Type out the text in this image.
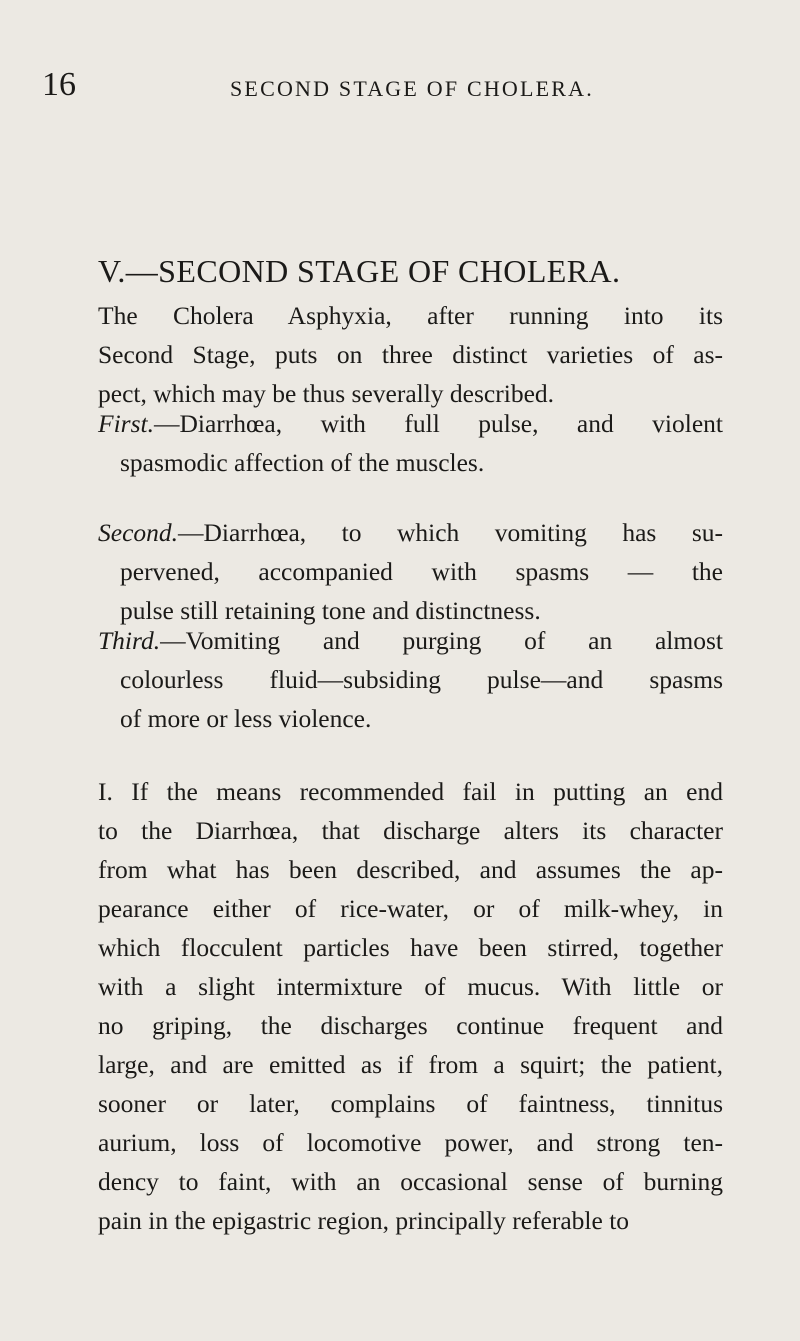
16	SECOND STAGE OF CHOLERA.
V.—SECOND STAGE OF CHOLERA.

The Cholera Asphyxia, after running into its
Second Stage, puts on three distinct varieties of as-
pect, which may be thus severally described.

First.—Diarrhœa, with full pulse, and violent
spasmodic affection of the muscles.

Second.—Diarrhœa, to which vomiting has su-
pervened, accompanied with spasms — the
pulse still retaining tone and distinctness.

Third.—Vomiting and purging of an almost
colourless fluid—subsiding pulse—and spasms
of more or less violence.

I. If the means recommended fail in putting an end
to the Diarrhœa, that discharge alters its character
from what has been described, and assumes the ap-
pearance either of rice-water, or of milk-whey, in
which flocculent particles have been stirred, together
with a slight intermixture of mucus. With little or
no griping, the discharges continue frequent and
large, and are emitted as if from a squirt; the patient,
sooner or later, complains of faintness, tinnitus
aurium, loss of locomotive power, and strong ten-
dency to faint, with an occasional sense of burning
pain in the epigastric region, principally referable to
